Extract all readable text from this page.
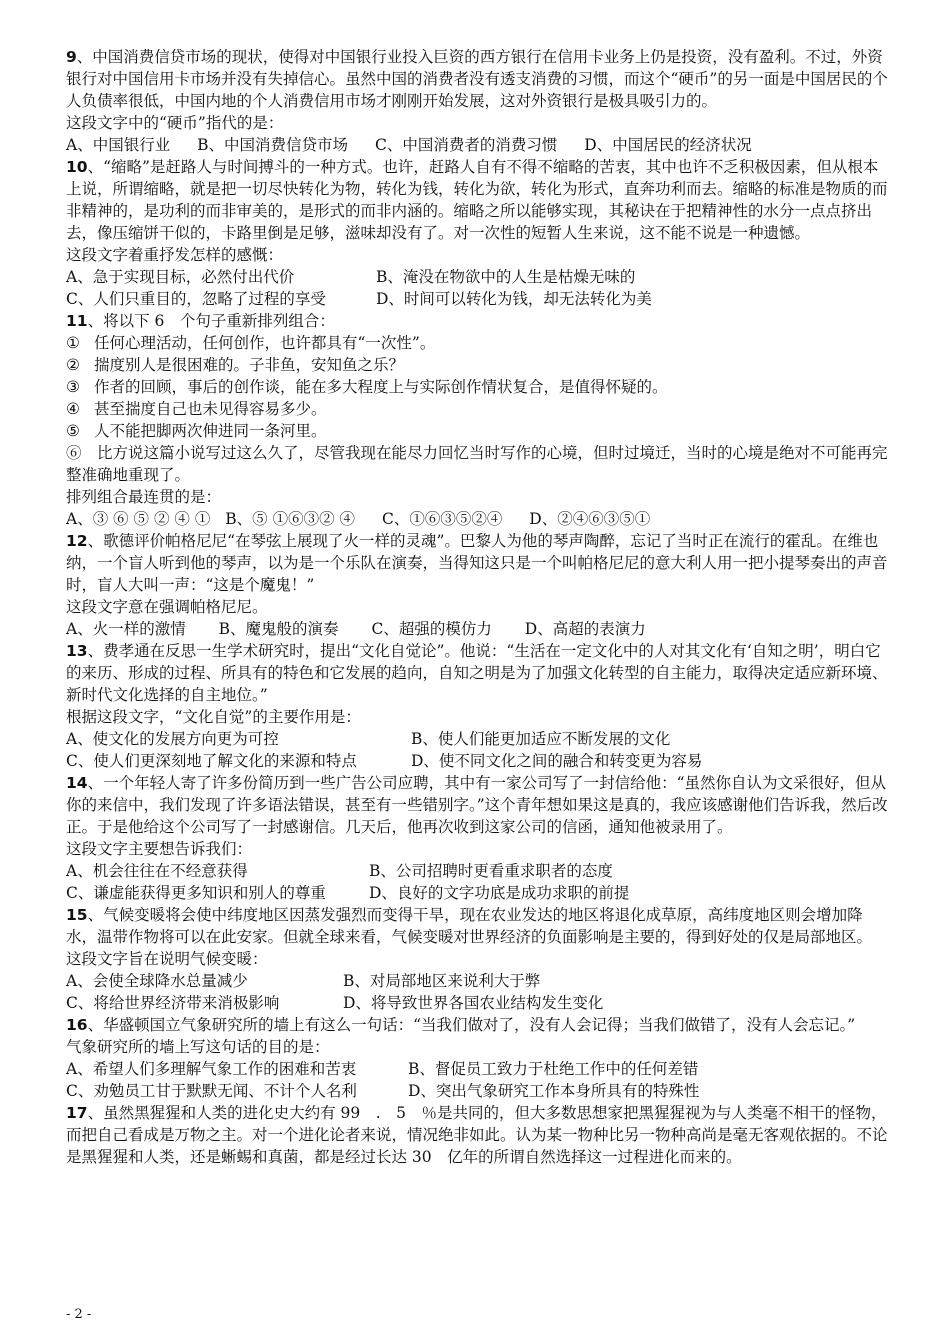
9、中国消费信贷市场的现状，使得对中国银行业投入巨资的西方银行在信用卡业务上仍是投资，没有盈利。不过，外资银行对中国信用卡市场并没有失掉信心。虽然中国的消费者没有透支消费的习惯，而这个“硬币”的另一面是中国居民的个人负债率很低，中国内地的个人消费信用市场才刚刚开始发展，这对外资银行是极具吸引力的。

这段文字中的“硬币”指代的是：

A、中国银行业 B、中国消费信贷市场 C、中国消费者的消费习惯 D、中国居民的经济状况

10、“缩略”是赶路人与时间搏斗的一种方式。也许，赶路人自有不得不缩略的苦衷，其中也许不乏积极因素，但从根本上说，所谓缩略，就是把一切尽快转化为物，转化为钱，转化为欲，转化为形式，直奔功利而去。缩略的标准是物质的而非精神的，是功利的而非审美的，是形式的而非内涵的。缩略之所以能够实现，其秘诀在于把精神性的水分一点点挤出去，像压缩饼干似的，卡路里倒是足够，滋味却没有了。对一次性的短暂人生来说，这不能不说是一种遗憾。

这段文字着重抒发怎样的感慨：

A、急于实现目标，必然付出代价	B、淹没在物欲中的人生是枯燥无味的
C、人们只重目的，忽略了过程的享受	D、时间可以转化为钱，却无法转化为美

11、将以下 6　个句子重新排列组合：

① 任何心理活动，任何创作，也许都具有“一次性”。
② 揣度别人是很困难的。子非鱼，安知鱼之乐？
③ 作者的回顾，事后的创作谈，能在多大程度上与实际创作情状复合，是值得怀疑的。
④ 甚至揣度自己也未见得容易多少。
⑤ 人不能把脚两次伸进同一条河里。

⑥　 比方说这篇小说写过这么久了，尽管我现在能尽力回忆当时写作的心境，但时过境迁，当时的心境是绝对不可能再完整准确地重现了。

排列组合最连贯的是：

A、③ ⑥ ⑤ ② ④ ① B、⑤ ①⑥③② ④ C、①⑥③⑤②④ D、②④⑥③⑤①

12、歌德评价帕格尼尼“在琴弦上展现了火一样的灵魂”。巴黎人为他的琴声陶醉，忘记了当时正在流行的霍乱。在维也纳，一个盲人听到他的琴声，以为是一个乐队在演奏，当得知这只是一个叫帕格尼尼的意大利人用一把小提琴奏出的声音时，盲人大叫一声：“这是个魔鬼！”

这段文字意在强调帕格尼尼。

A、火一样的激情 B、魔鬼般的演奏 C、超强的模仿力 D、高超的表演力

13、费孝通在反思一生学术研究时，提出“文化自觉论”。他说：“生活在一定文化中的人对其文化有‘自知之明’，明白它的来历、形成的过程、所具有的特色和它发展的趋向，自知之明是为了加强文化转型的自主能力，取得决定适应新环境、新时代文化选择的自主地位。”

根据这段文字，“文化自觉”的主要作用是：

A、使文化的发展方向更为可控	B、使人们能更加适应不断发展的文化
C、使人们更深刻地了解文化的来源和特点	D、使不同文化之间的融合和转变更为容易

14、一个年轻人寄了许多份简历到一些广告公司应聘，其中有一家公司写了一封信给他：“虽然你自认为文采很好，但从你的来信中，我们发现了许多语法错误，甚至有一些错别字。”这个青年想如果这是真的，我应该感谢他们告诉我，然后改正。于是他给这个公司写了一封感谢信。几天后，他再次收到这家公司的信函，通知他被录用了。

这段文字主要想告诉我们：

A、机会往往在不经意获得	B、公司招聘时更看重求职者的态度
C、谦虚能获得更多知识和别人的尊重	D、良好的文字功底是成功求职的前提

15、气候变暖将会使中纬度地区因蒸发强烈而变得干旱，现在农业发达的地区将退化成草原，高纬度地区则会增加降水，温带作物将可以在此安家。但就全球来看，气候变暖对世界经济的负面影响是主要的，得到好处的仅是局部地区。

这段文字旨在说明气候变暖：

A、会使全球降水总量减少	B、对局部地区来说利大于弊
C、将给世界经济带来消极影响	D、将导致世界各国农业结构发生变化

16、华盛顿国立气象研究所的墙上有这么一句话：“当我们做对了，没有人会记得；当我们做错了，没有人会忘记。”

气象研究所的墙上写这句话的目的是：

A、希望人们多理解气象工作的困难和苦衷	B、督促员工致力于杜绝工作中的任何差错
C、劝勉员工甘于默默无闻、不计个人名利	D、突出气象研究工作本身所具有的特殊性

17、虽然黑猩猩和人类的进化史大约有 99　.　5　％是共同的，但大多数思想家把黑猩猩视为与人类毫不相干的怪物，而把自己看成是万物之主。对一个进化论者来说，情况绝非如此。认为某一物种比另一物种高尚是毫无客观依据的。不论是黑猩猩和人类，还是蜥蜴和真菌，都是经过长达 30　亿年的所谓自然选择这一过程进化而来的。

- 2 -
